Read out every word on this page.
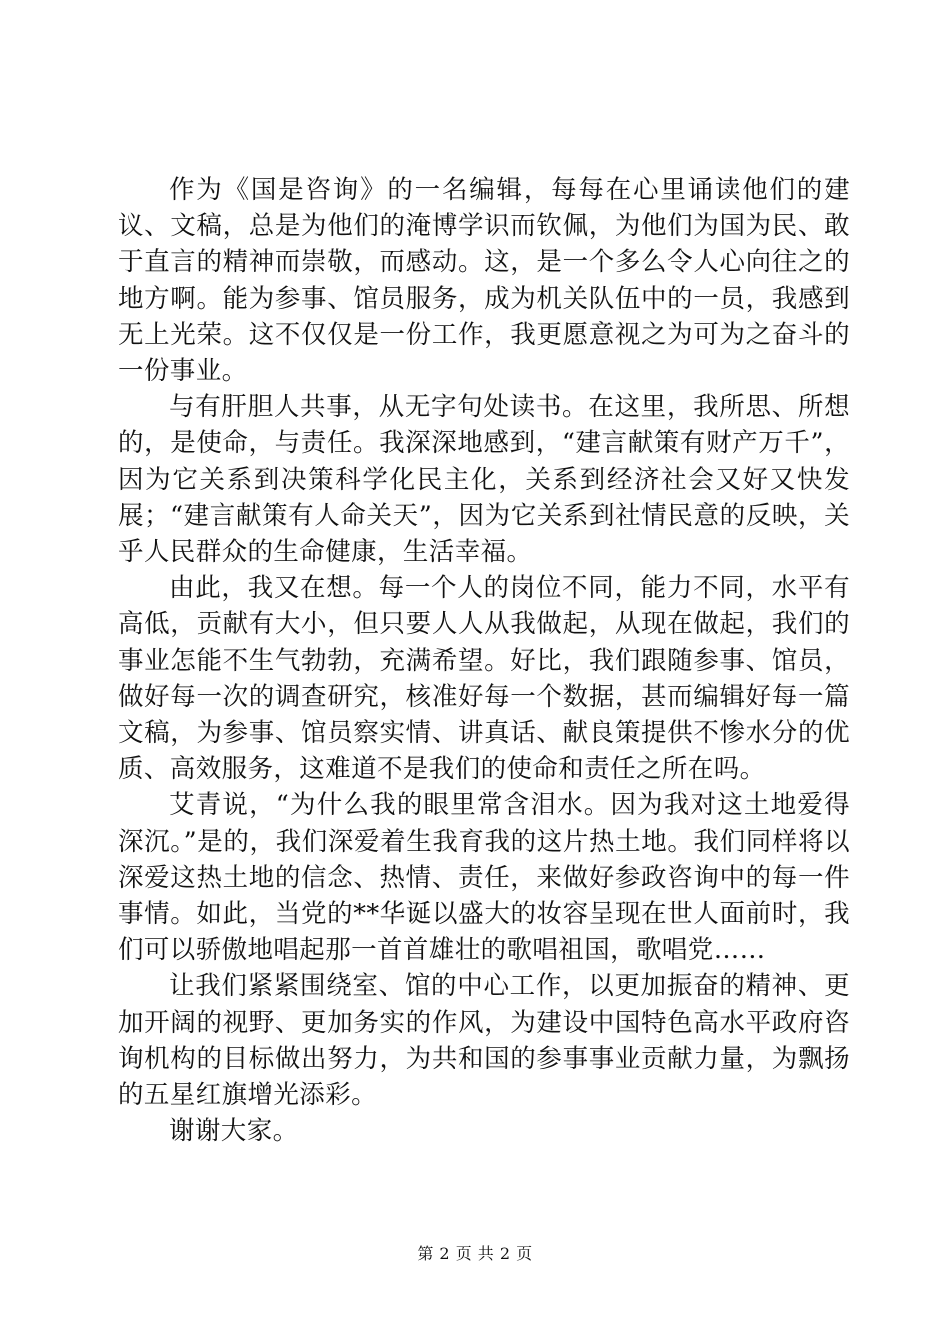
作为《国是咨询》的一名编辑，每每在心里诵读他们的建议、文稿，总是为他们的淹博学识而钦佩，为他们为国为民、敢于直言的精神而崇敬，而感动。这，是一个多么令人心向往之的地方啊。能为参事、馆员服务，成为机关队伍中的一员，我感到无上光荣。这不仅仅是一份工作，我更愿意视之为可为之奋斗的一份事业。

与有肝胆人共事，从无字句处读书。在这里，我所思、所想的，是使命，与责任。我深深地感到，“建言献策有财产万千”，因为它关系到决策科学化民主化，关系到经济社会又好又快发展；“建言献策有人命关天”，因为它关系到社情民意的反映，关乎人民群众的生命健康，生活幸福。

由此，我又在想。每一个人的岗位不同，能力不同，水平有高低，贡献有大小，但只要人人从我做起，从现在做起，我们的事业怎能不生气勃勃，充满希望。好比，我们跟随参事、馆员，做好每一次的调查研究，核准好每一个数据，甚而编辑好每一篇文稿，为参事、馆员察实情、讲真话、献良策提供不惨水分的优质、高效服务，这难道不是我们的使命和责任之所在吗。

艾青说，“为什么我的眼里常含泪水。因为我对这土地爱得深沉。”是的，我们深爱着生我育我的这片热土地。我们同样将以深爱这热土地的信念、热情、责任，来做好参政咨询中的每一件事情。如此，当党的**华诞以盛大的妆容呈现在世人面前时，我们可以骄傲地唱起那一首首雄壮的歌唱祖国，歌唱党……

让我们紧紧围绕室、馆的中心工作，以更加振奋的精神、更加开阔的视野、更加务实的作风，为建设中国特色高水平政府咨询机构的目标做出努力，为共和国的参事事业贡献力量，为飘扬的五星红旗增光添彩。

谢谢大家。

第 2 页 共 2 页
